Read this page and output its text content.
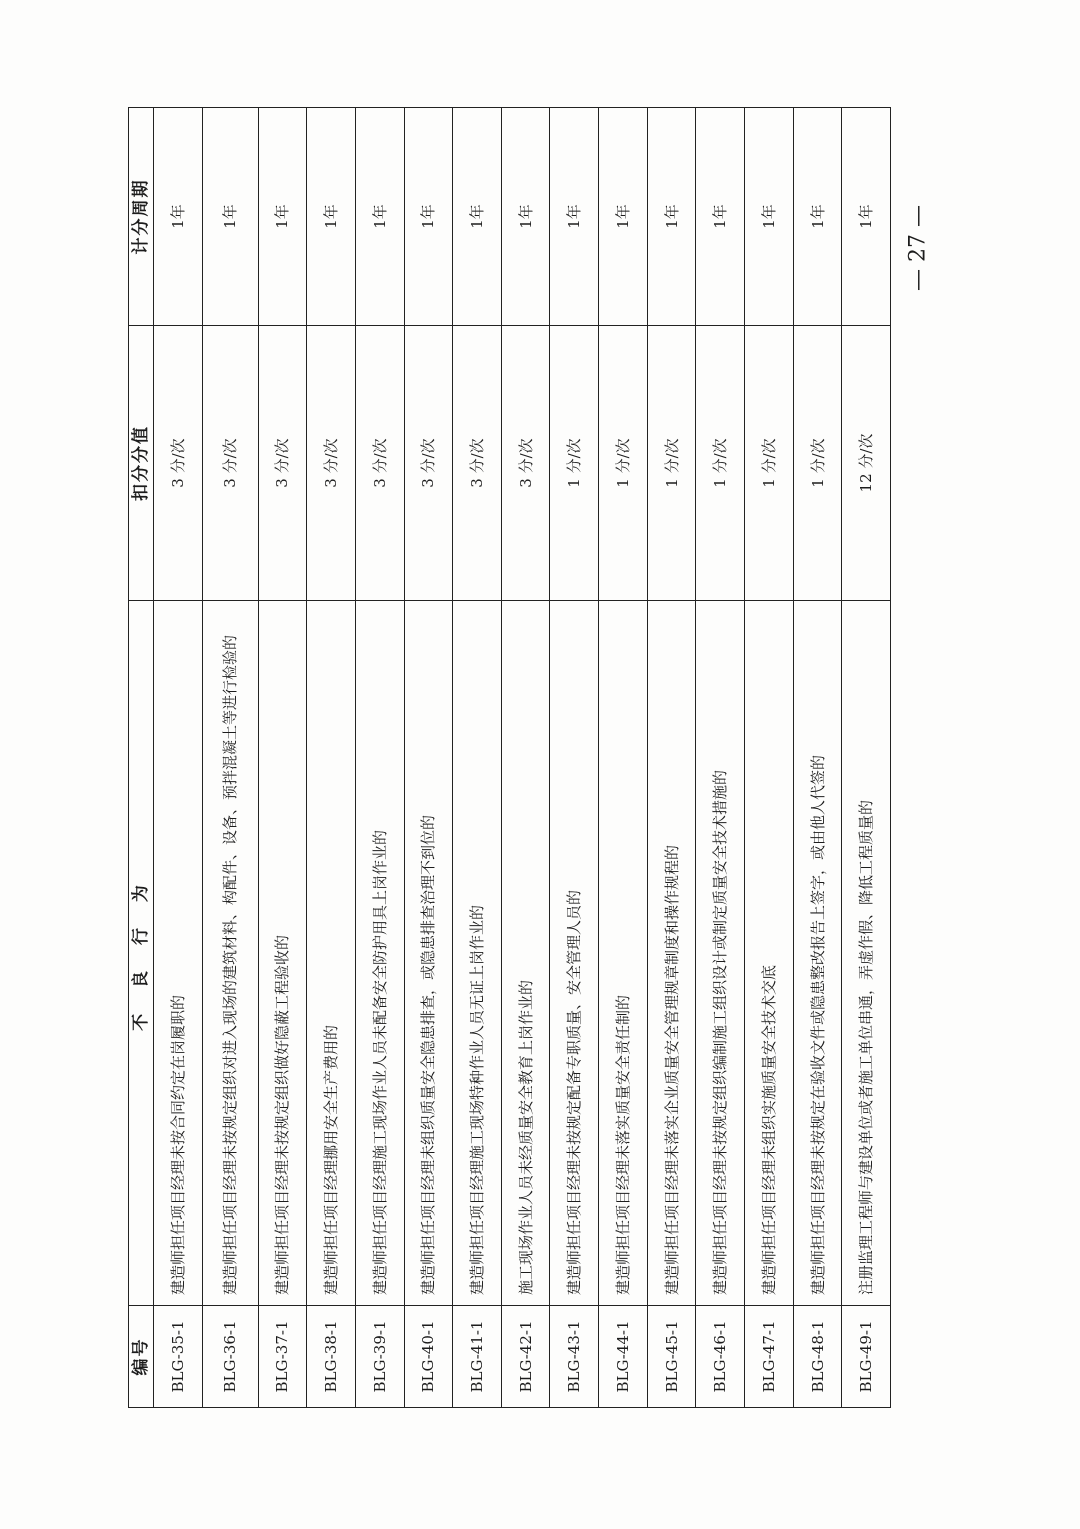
编号	不 良 行 为	扣分分值	计分周期
BLG-35-1	建造师担任项目经理未按合同约定在岗履职的	3 分/次	1年
BLG-36-1	建造师担任项目经理未按规定组织对进入现场的建筑材料、构配件、设备、预拌混凝土等进行检验的	3 分/次	1年
BLG-37-1	建造师担任项目经理未按规定组织做好隐蔽工程验收的	3 分/次	1年
BLG-38-1	建造师担任项目经理挪用安全生产费用的	3 分/次	1年
BLG-39-1	建造师担任项目经理施工现场作业人员未配备安全防护用具上岗作业的	3 分/次	1年
BLG-40-1	建造师担任项目经理未组织质量安全隐患排查，或隐患排查治理不到位的	3 分/次	1年
BLG-41-1	建造师担任项目经理施工现场特种作业人员无证上岗作业的	3 分/次	1年
BLG-42-1	施工现场作业人员未经质量安全教育上岗作业的	3 分/次	1年
BLG-43-1	建造师担任项目经理未按规定配备专职质量、安全管理人员的	1 分/次	1年
BLG-44-1	建造师担任项目经理未落实质量安全责任制的	1 分/次	1年
BLG-45-1	建造师担任项目经理未落实企业质量安全管理规章制度和操作规程的	1 分/次	1年
BLG-46-1	建造师担任项目经理未按规定组织编制施工组织设计或制定质量安全技术措施的	1 分/次	1年
BLG-47-1	建造师担任项目经理未组织实施质量安全技术交底	1 分/次	1年
BLG-48-1	建造师担任项目经理未按规定在验收文件或隐患整改报告上签字，或由他人代签的	1 分/次	1年
BLG-49-1	注册监理工程师与建设单位或者施工单位串通，弄虚作假、降低工程质量的	12 分/次	1年 — 27 —
